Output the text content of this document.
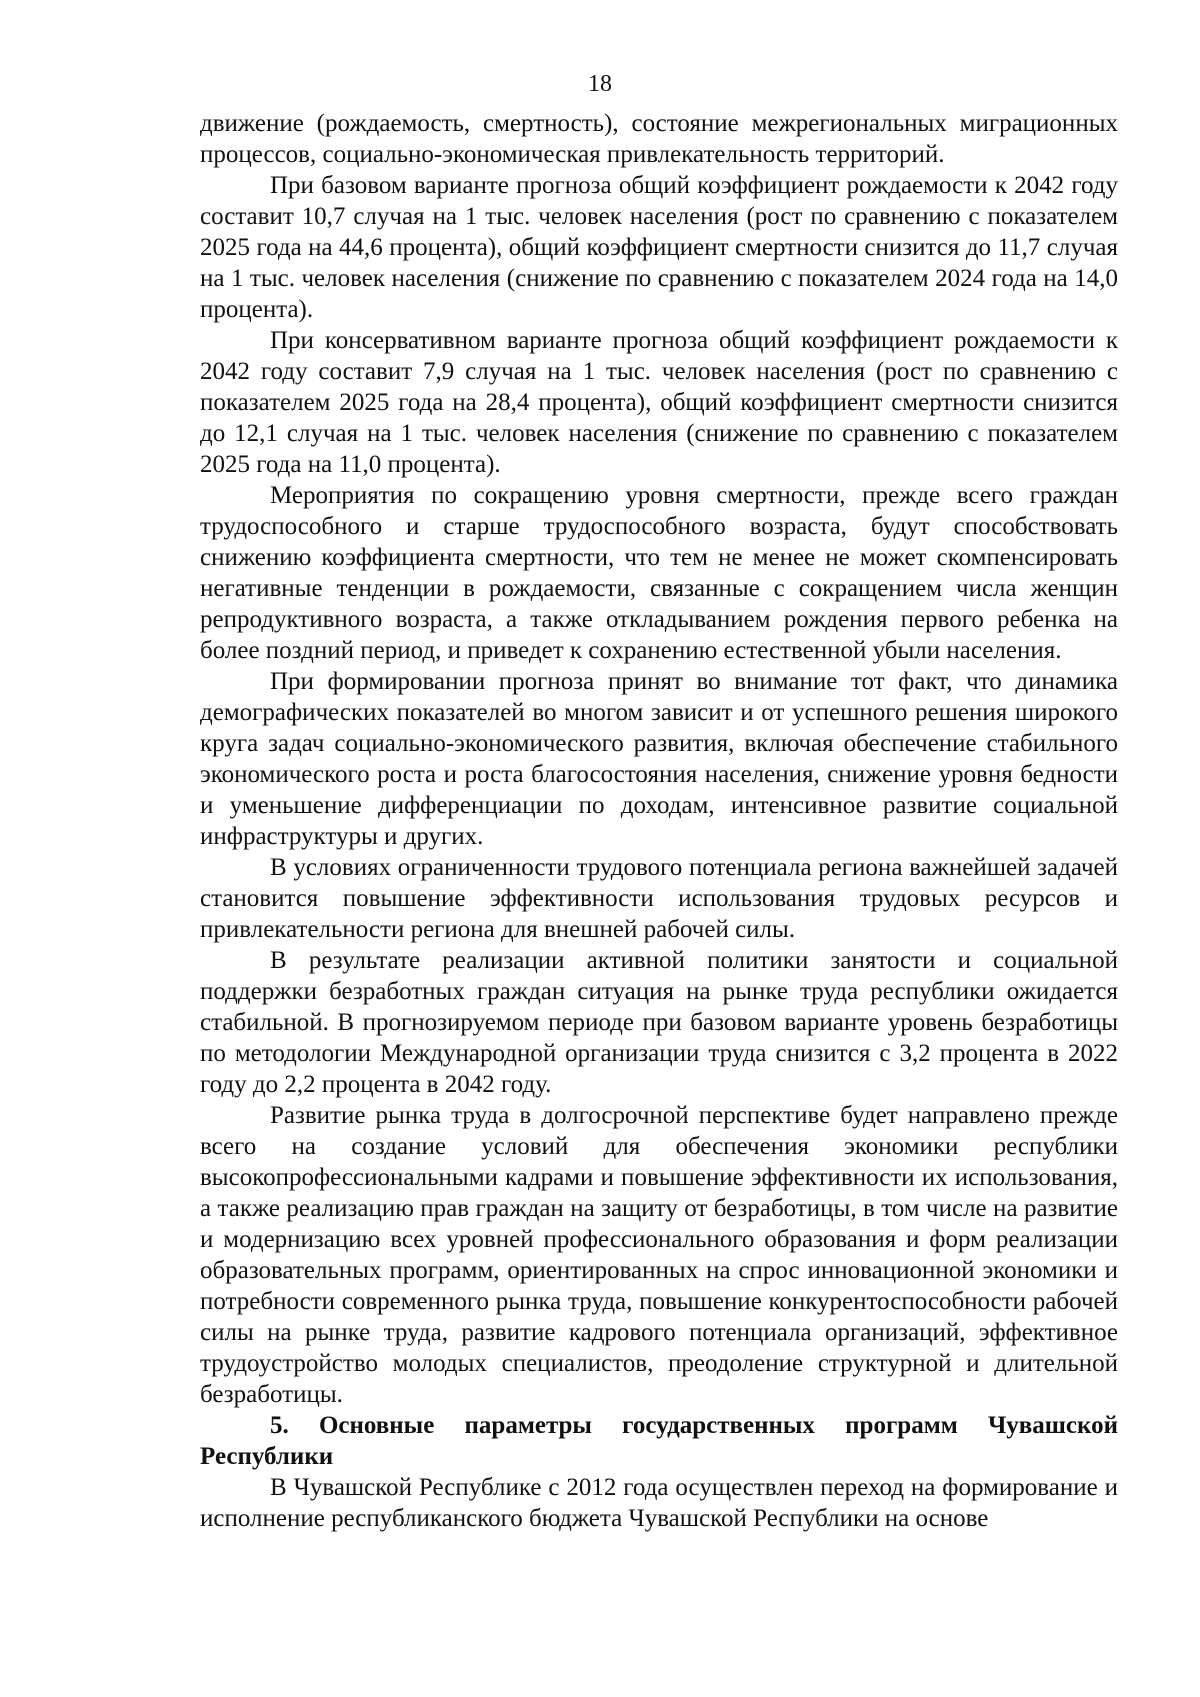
18

движение (рождаемость, смертность), состояние межрегиональных миграционных процессов, социально-экономическая привлекательность территорий.

При базовом варианте прогноза общий коэффициент рождаемости к 2042 году составит 10,7 случая на 1 тыс. человек населения (рост по сравнению с показателем 2025 года на 44,6 процента), общий коэффициент смертности снизится до 11,7 случая на 1 тыс. человек населения (снижение по сравнению с показателем 2024 года на 14,0 процента).

При консервативном варианте прогноза общий коэффициент рождаемости к 2042 году составит 7,9 случая на 1 тыс. человек населения (рост по сравнению с показателем 2025 года на 28,4 процента), общий коэффициент смертности снизится до 12,1 случая на 1 тыс. человек населения (снижение по сравнению с показателем 2025 года на 11,0 процента).

Мероприятия по сокращению уровня смертности, прежде всего граждан трудоспособного и старше трудоспособного возраста, будут способствовать снижению коэффициента смертности, что тем не менее не может скомпенсировать негативные тенденции в рождаемости, связанные с сокращением числа женщин репродуктивного возраста, а также откладыванием рождения первого ребенка на более поздний период, и приведет к сохранению естественной убыли населения.

При формировании прогноза принят во внимание тот факт, что динамика демографических показателей во многом зависит и от успешного решения широкого круга задач социально-экономического развития, включая обеспечение стабильного экономического роста и роста благосостояния населения, снижение уровня бедности и уменьшение дифференциации по доходам, интенсивное развитие социальной инфраструктуры и других.

В условиях ограниченности трудового потенциала региона важнейшей задачей становится повышение эффективности использования трудовых ресурсов и привлекательности региона для внешней рабочей силы.

В результате реализации активной политики занятости и социальной поддержки безработных граждан ситуация на рынке труда республики ожидается стабильной. В прогнозируемом периоде при базовом варианте уровень безработицы по методологии Международной организации труда снизится с 3,2 процента в 2022 году до 2,2 процента в 2042 году.

Развитие рынка труда в долгосрочной перспективе будет направлено прежде всего на создание условий для обеспечения экономики республики высокопрофессиональными кадрами и повышение эффективности их использования, а также реализацию прав граждан на защиту от безработицы, в том числе на развитие и модернизацию всех уровней профессионального образования и форм реализации образовательных программ, ориентированных на спрос инновационной экономики и потребности современного рынка труда, повышение конкурентоспособности рабочей силы на рынке труда, развитие кадрового потенциала организаций, эффективное трудоустройство молодых специалистов, преодоление структурной и длительной безработицы.

5. Основные параметры государственных программ Чувашской Республики

В Чувашской Республике с 2012 года осуществлен переход на формирование и исполнение республиканского бюджета Чувашской Республики на основе
